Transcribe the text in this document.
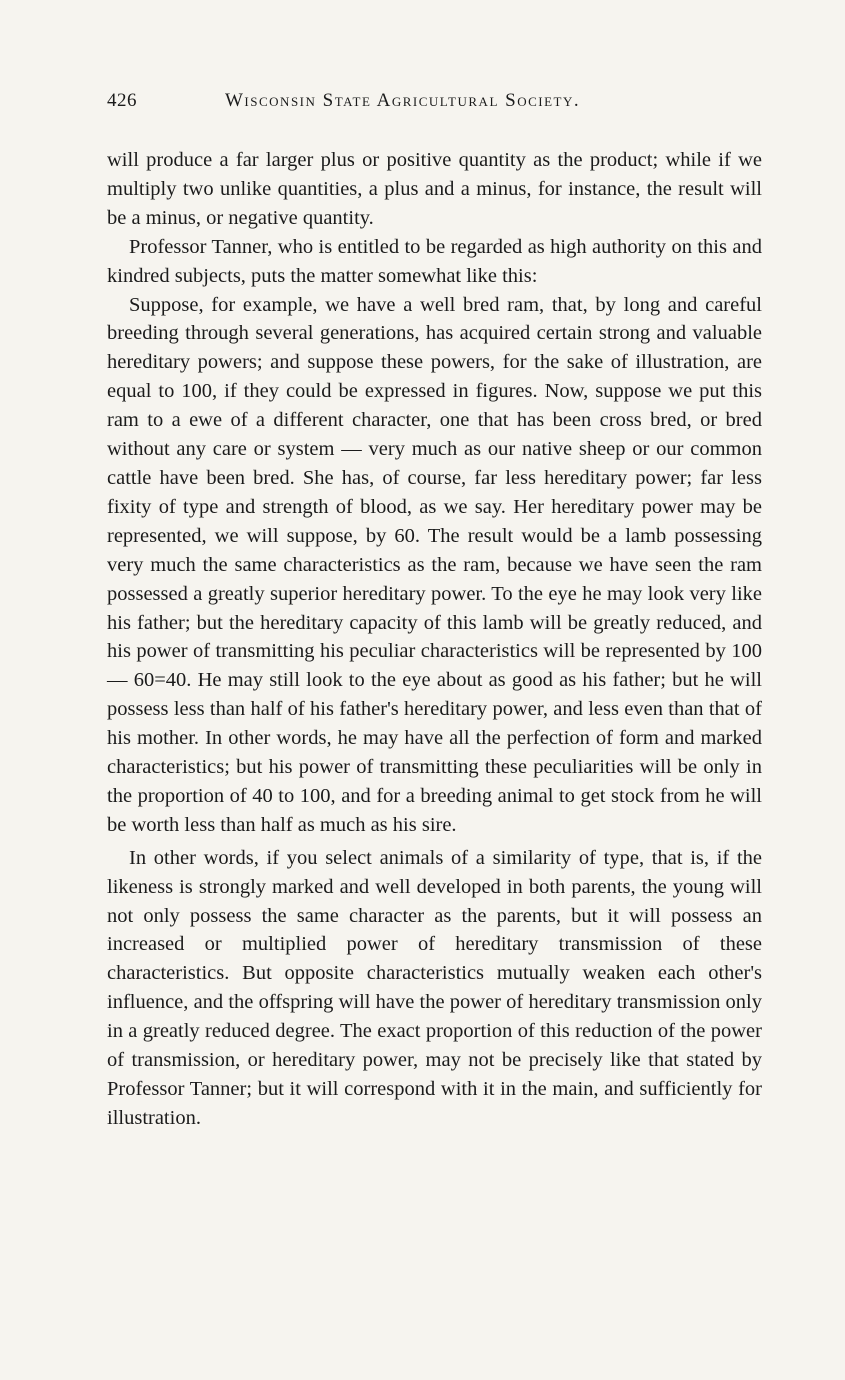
426	Wisconsin State Agricultural Society.

will produce a far larger plus or positive quantity as the product; while if we multiply two unlike quantities, a plus and a minus, for instance, the result will be a minus, or negative quantity.

Professor Tanner, who is entitled to be regarded as high authority on this and kindred subjects, puts the matter somewhat like this:

Suppose, for example, we have a well bred ram, that, by long and careful breeding through several generations, has acquired certain strong and valuable hereditary powers; and suppose these powers, for the sake of illustration, are equal to 100, if they could be expressed in figures. Now, suppose we put this ram to a ewe of a different character, one that has been cross bred, or bred without any care or system — very much as our native sheep or our common cattle have been bred. She has, of course, far less hereditary power; far less fixity of type and strength of blood, as we say. Her hereditary power may be represented, we will suppose, by 60. The result would be a lamb possessing very much the same characteristics as the ram, because we have seen the ram possessed a greatly superior hereditary power. To the eye he may look very like his father; but the hereditary capacity of this lamb will be greatly reduced, and his power of transmitting his peculiar characteristics will be represented by 100 — 60=40. He may still look to the eye about as good as his father; but he will possess less than half of his father's hereditary power, and less even than that of his mother. In other words, he may have all the perfection of form and marked characteristics; but his power of transmitting these peculiarities will be only in the proportion of 40 to 100, and for a breeding animal to get stock from he will be worth less than half as much as his sire.

In other words, if you select animals of a similarity of type, that is, if the likeness is strongly marked and well developed in both parents, the young will not only possess the same character as the parents, but it will possess an increased or multiplied power of hereditary transmission of these characteristics. But opposite characteristics mutually weaken each other's influence, and the offspring will have the power of hereditary transmission only in a greatly reduced degree. The exact proportion of this reduction of the power of transmission, or hereditary power, may not be precisely like that stated by Professor Tanner; but it will correspond with it in the main, and sufficiently for illustration.
